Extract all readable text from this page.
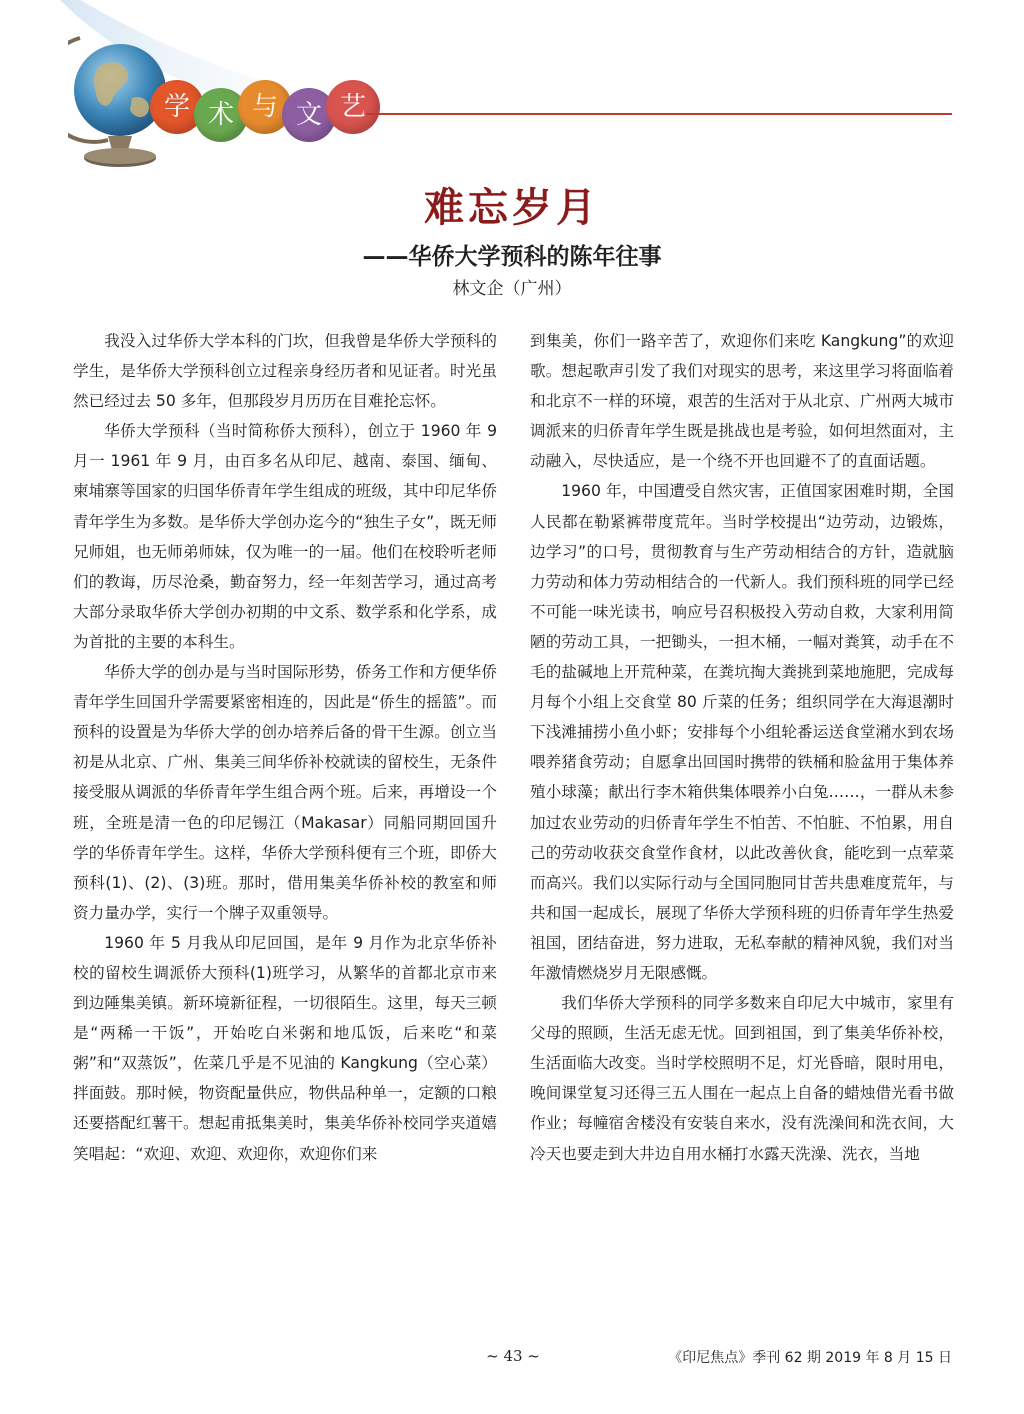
学 术 与 文 艺
难忘岁月
——华侨大学预科的陈年往事
林文企（广州）

我没入过华侨大学本科的门坎，但我曾是华侨大学预科的学生，是华侨大学预科创立过程亲身经历者和见证者。时光虽然已经过去 50 多年，但那段岁月历历在目难抡忘怀。

华侨大学预科（当时简称侨大预科），创立于 1960 年 9 月一 1961 年 9 月，由百多名从印尼、越南、泰国、缅甸、柬埔寨等国家的归国华侨青年学生组成的班级，其中印尼华侨青年学生为多数。是华侨大学创办迄今的“独生子女”，既无师兄师姐，也无师弟师妹，仅为唯一的一届。他们在校聆听老师们的教诲，历尽沧桑，勤奋努力，经一年刻苦学习，通过高考大部分录取华侨大学创办初期的中文系、数学系和化学系，成为首批的主要的本科生。

华侨大学的创办是与当时国际形势，侨务工作和方便华侨青年学生回国升学需要紧密相连的，因此是“侨生的摇篮”。而预科的设置是为华侨大学的创办培养后备的骨干生源。创立当初是从北京、广州、集美三间华侨补校就读的留校生，无条件接受服从调派的华侨青年学生组合两个班。后来，再增设一个班，全班是清一色的印尼锡江（Makasar）同船同期回国升学的华侨青年学生。这样，华侨大学预科便有三个班，即侨大预科(1)、(2)、(3)班。那时，借用集美华侨补校的教室和师资力量办学，实行一个牌子双重领导。

1960 年 5 月我从印尼回国，是年 9 月作为北京华侨补校的留校生调派侨大预科(1)班学习，从繁华的首都北京市来到边陲集美镇。新环境新征程，一切很陌生。这里，每天三顿是“两稀一干饭”，开始吃白米粥和地瓜饭，后来吃“和菜粥”和“双蒸饭”，佐菜几乎是不见油的 Kangkung（空心菜）拌面鼓。那时候，物资配量供应，物供品种单一，定额的口粮还要搭配红薯干。想起甫抵集美时，集美华侨补校同学夹道嬉笑唱起：“欢迎、欢迎、欢迎你，欢迎你们来

到集美，你们一路辛苦了，欢迎你们来吃 Kangkung”的欢迎歌。想起歌声引发了我们对现实的思考，来这里学习将面临着和北京不一样的环境，艰苦的生活对于从北京、广州两大城市调派来的归侨青年学生既是挑战也是考验，如何坦然面对，主动融入，尽快适应，是一个绕不开也回避不了的直面话题。

1960 年，中国遭受自然灾害，正值国家困难时期，全国人民都在勒紧裤带度荒年。当时学校提出“边劳动，边锻炼，边学习”的口号，贯彻教育与生产劳动相结合的方针，造就脑力劳动和体力劳动相结合的一代新人。我们预科班的同学已经不可能一味光读书，响应号召积极投入劳动自救，大家利用简陋的劳动工具，一把锄头，一担木桶，一幅对粪箕，动手在不毛的盐碱地上开荒种菜，在粪坑掏大粪挑到菜地施肥，完成每月每个小组上交食堂 80 斤菜的任务；组织同学在大海退潮时下浅滩捕捞小鱼小虾；安排每个小组轮番运送食堂潲水到农场喂养猪食劳动；自愿拿出回国时携带的铁桶和脸盆用于集体养殖小球藻；献出行李木箱供集体喂养小白兔……，一群从未参加过农业劳动的归侨青年学生不怕苦、不怕脏、不怕累，用自己的劳动收获交食堂作食材，以此改善伙食，能吃到一点荤菜而高兴。我们以实际行动与全国同胞同甘苦共患难度荒年，与共和国一起成长，展现了华侨大学预科班的归侨青年学生热爱祖国，团结奋进，努力进取，无私奉献的精神风貌，我们对当年激情燃烧岁月无限感慨。

我们华侨大学预科的同学多数来自印尼大中城市，家里有父母的照顾，生活无虑无忧。回到祖国，到了集美华侨补校，生活面临大改变。当时学校照明不足，灯光昏暗，限时用电，晚间课堂复习还得三五人围在一起点上自备的蜡烛借光看书做作业；每幢宿舍楼没有安装自来水，没有洗澡间和洗衣间，大冷天也要走到大井边自用水桶打水露天洗澡、洗衣，当地

~ 43 ~	《印尼焦点》季刊 62 期 2019 年 8 月 15 日
